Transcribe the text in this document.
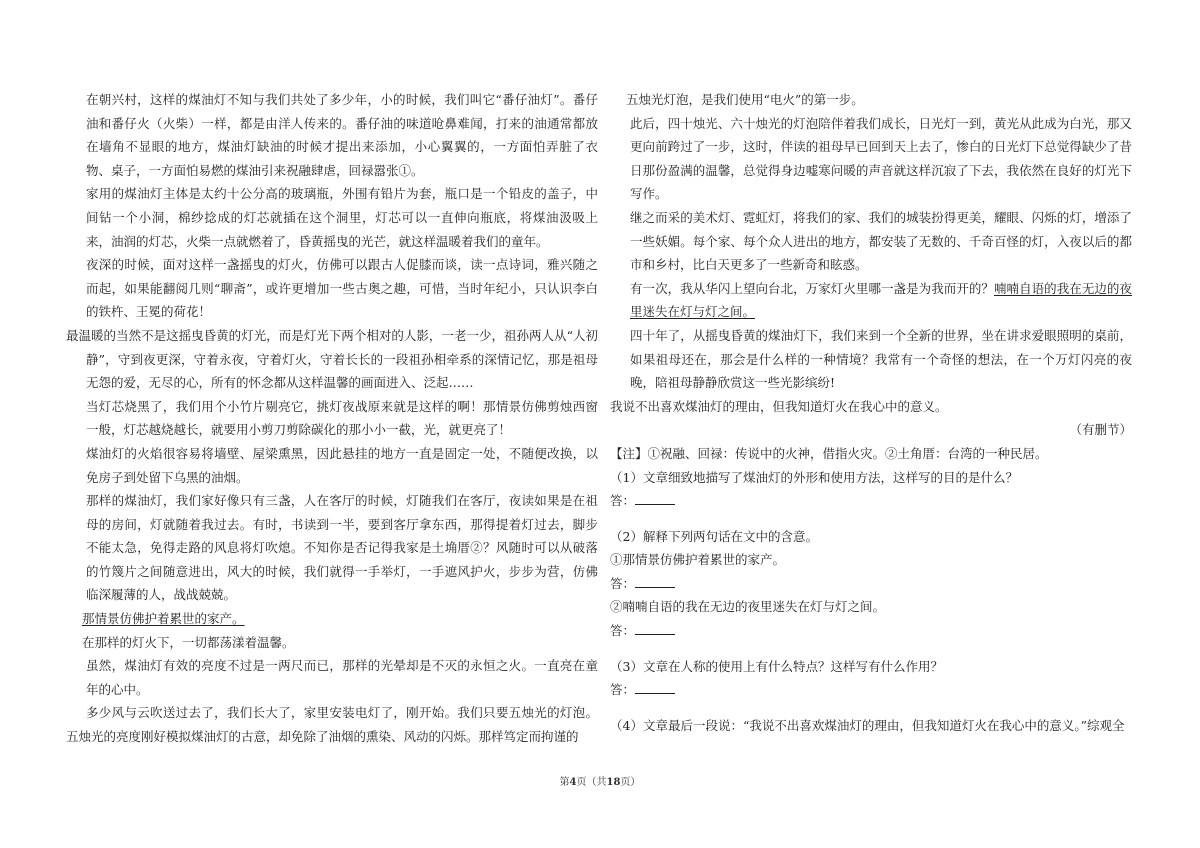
在朝兴村，这样的煤油灯不知与我们共处了多少年，小的时候，我们叫它“番仔油灯”。番仔油和番仔火（火柴）一样，都是由洋人传来的。番仔油的味道呛鼻难闻，打来的油通常都放在墙角不显眼的地方，煤油灯缺油的时候才提出来添加，小心翼翼的，一方面怕弄脏了衣物、桌子，一方面怕易燃的煤油引来祝融肆虐，回禄嚣张①。

家用的煤油灯主体是太约十公分高的玻璃瓶，外围有铅片为套，瓶口是一个铅皮的盖子，中间钻一个小洞，棉纱捻成的灯芯就插在这个洞里，灯芯可以一直伸向瓶底，将煤油汲吸上来，油润的灯芯，火柴一点就燃着了，昏黄摇曳的光芒，就这样温暖着我们的童年。

夜深的时候，面对这样一盏摇曳的灯火，仿佛可以跟古人促膝而谈，读一点诗词，雅兴随之而起，如果能翻阅几则“聊斋”，或许更增加一些古奥之趣，可惜，当时年纪小，只认识李白的铁杵、王冕的荷花！

最温暖的当然不是这摇曳昏黄的灯光，而是灯光下两个相对的人影，一老一少，祖孙两人从“人初静”，守到夜更深，守着永夜，守着灯火，守着长长的一段祖孙相牵系的深情记忆，那是祖母无怨的爱，无尽的心，所有的怀念都从这样温馨的画面进入、泛起……

当灯芯烧黑了，我们用个小竹片剔亮它，挑灯夜战原来就是这样的啊！那情景仿佛剪烛西窗一般，灯芯越烧越长，就要用小剪刀剪除碳化的那小小一截，光，就更亮了！

煤油灯的火焰很容易将墙壁、屋梁熏黑，因此悬挂的地方一直是固定一处，不随便改换，以免房子到处留下乌黑的油烟。

那样的煤油灯，我们家好像只有三盏，人在客厅的时候，灯随我们在客厅，夜读如果是在祖母的房间，灯就随着我过去。有时，书读到一半，要到客厅拿东西，那得提着灯过去，脚步不能太急，免得走路的风息将灯吹熄。不知你是否记得我家是土埆厝②？风随时可以从破落的竹篾片之间随意进出，风大的时候，我们就得一手举灯，一手遮风护火，步步为营，仿佛临深履薄的人，战战兢兢。

那情景仿佛护着累世的家产。

在那样的灯火下，一切都荡漾着温馨。

虽然，煤油灯有效的亮度不过是一两尺而已，那样的光晕却是不灭的永恒之火。一直亮在童年的心中。

多少风与云吹送过去了，我们长大了，家里安装电灯了，刚开始。我们只要五烛光的灯泡。五烛光的亮度刚好模拟煤油灯的古意，却免除了油烟的熏染、风动的闪烁。那样笃定而拘谨的

五烛光灯泡，是我们使用“电火”的第一步。

此后，四十烛光、六十烛光的灯泡陪伴着我们成长，日光灯一到，黄光从此成为白光，那又更向前跨过了一步，这时，伴读的祖母早已回到天上去了，惨白的日光灯下总觉得缺少了昔日那份盈满的温馨，总觉得身边嘘寒问暖的声音就这样沉寂了下去，我依然在良好的灯光下写作。

继之而采的美术灯、霓虹灯，将我们的家、我们的城装扮得更美，耀眼、闪烁的灯，增添了一些妖媚。每个家、每个众人进出的地方，都安装了无数的、千奇百怪的灯，入夜以后的都市和乡村，比白天更多了一些新奇和眩惑。

有一次，我从华闪上望向台北，万家灯火里哪一盏是为我而开的？喃喃自语的我在无边的夜里迷失在灯与灯之间。

四十年了，从摇曳昏黄的煤油灯下，我们来到一个全新的世界，坐在讲求爱眼照明的桌前，如果祖母还在，那会是什么样的一种情境？我常有一个奇怪的想法，在一个万灯闪亮的夜晚，陪祖母静静欣赏这一些光影缤纷!

我说不出喜欢煤油灯的理由，但我知道灯火在我心中的意义。

（有删节）

【注】①祝融、回禄：传说中的火神，借指火灾。②土角厝：台湾的一种民居。

（1）文章细致地描写了煤油灯的外形和使用方法，这样写的目的是什么？

答：

（2）解释下列两句话在文中的含意。

①那情景仿佛护着累世的家产。

答：

②喃喃自语的我在无边的夜里迷失在灯与灯之间。

答：

（3）文章在人称的使用上有什么特点？这样写有什么作用？

答：

（4）文章最后一段说：“我说不出喜欢煤油灯的理由，但我知道灯火在我心中的意义。”综观全

第4页（共18页）
